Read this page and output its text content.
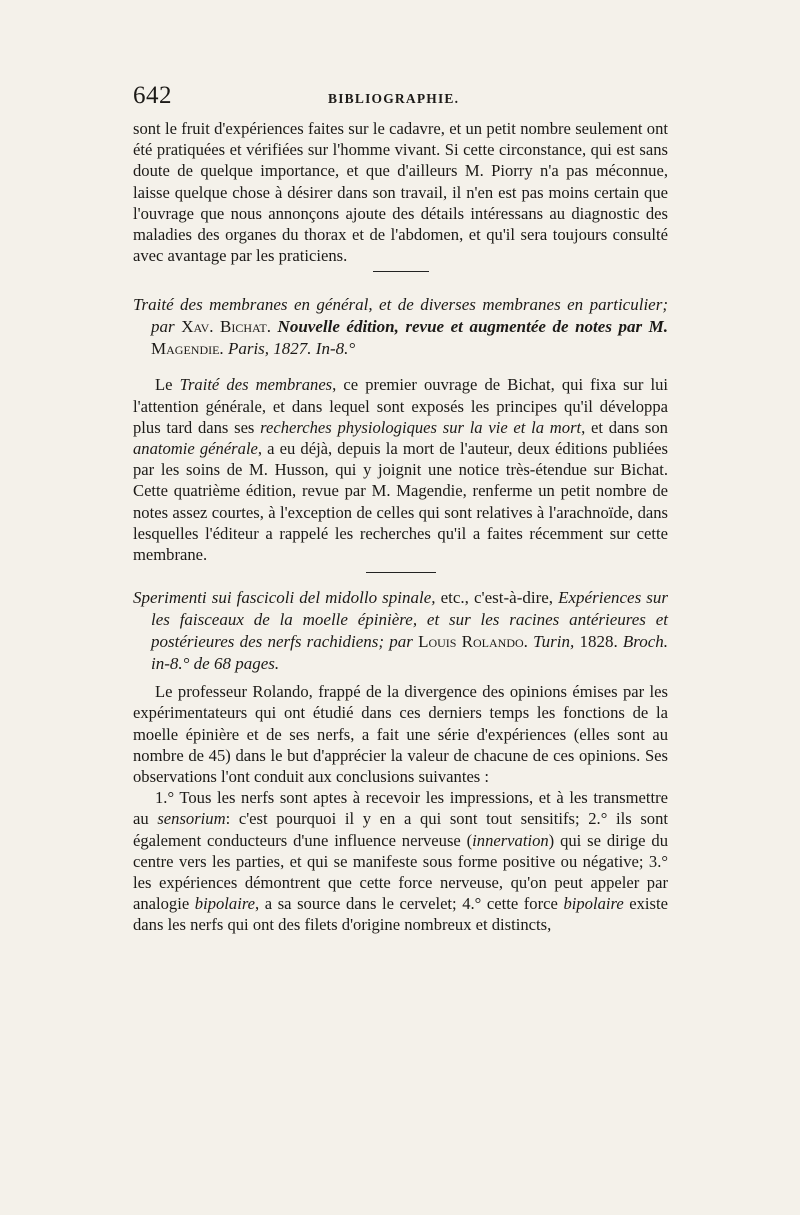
642	BIBLIOGRAPHIE.

sont le fruit d'expériences faites sur le cadavre, et un petit nombre seulement ont été pratiquées et vérifiées sur l'homme vivant. Si cette circonstance, qui est sans doute de quelque importance, et que d'ailleurs M. Piorry n'a pas méconnue, laisse quelque chose à désirer dans son travail, il n'en est pas moins certain que l'ouvrage que nous annonçons ajoute des détails intéressans au diagnostic des maladies des organes du thorax et de l'abdomen, et qu'il sera toujours consulté avec avantage par les praticiens.

Traité des membranes en général, et de diverses membranes en particulier; par Xav. Bichat. Nouvelle édition, revue et augmentée de notes par M. Magendie. Paris, 1827. In-8.°

Le Traité des membranes, ce premier ouvrage de Bichat, qui fixa sur lui l'attention générale, et dans lequel sont exposés les principes qu'il développa plus tard dans ses recherches physiologiques sur la vie et la mort, et dans son anatomie générale, a eu déjà, depuis la mort de l'auteur, deux éditions publiées par les soins de M. Husson, qui y joignit une notice très-étendue sur Bichat. Cette quatrième édition, revue par M. Magendie, renferme un petit nombre de notes assez courtes, à l'exception de celles qui sont relatives à l'arachnoïde, dans lesquelles l'éditeur a rappelé les recherches qu'il a faites récemment sur cette membrane.

Sperimenti sui fascicoli del midollo spinale, etc., c'est-à-dire, Expériences sur les faisceaux de la moelle épinière, et sur les racines antérieures et postérieures des nerfs rachidiens; par Louis Rolando. Turin, 1828. Broch. in-8.° de 68 pages.

Le professeur Rolando, frappé de la divergence des opinions émises par les expérimentateurs qui ont étudié dans ces derniers temps les fonctions de la moelle épinière et de ses nerfs, a fait une série d'expériences (elles sont au nombre de 45) dans le but d'apprécier la valeur de chacune de ces opinions. Ses observations l'ont conduit aux conclusions suivantes :

1.° Tous les nerfs sont aptes à recevoir les impressions, et à les transmettre au sensorium: c'est pourquoi il y en a qui sont tout sensitifs; 2.° ils sont également conducteurs d'une influence nerveuse (innervation) qui se dirige du centre vers les parties, et qui se manifeste sous forme positive ou négative; 3.° les expériences démontrent que cette force nerveuse, qu'on peut appeler par analogie bipolaire, a sa source dans le cervelet; 4.° cette force bipolaire existe dans les nerfs qui ont des filets d'origine nombreux et distincts,
